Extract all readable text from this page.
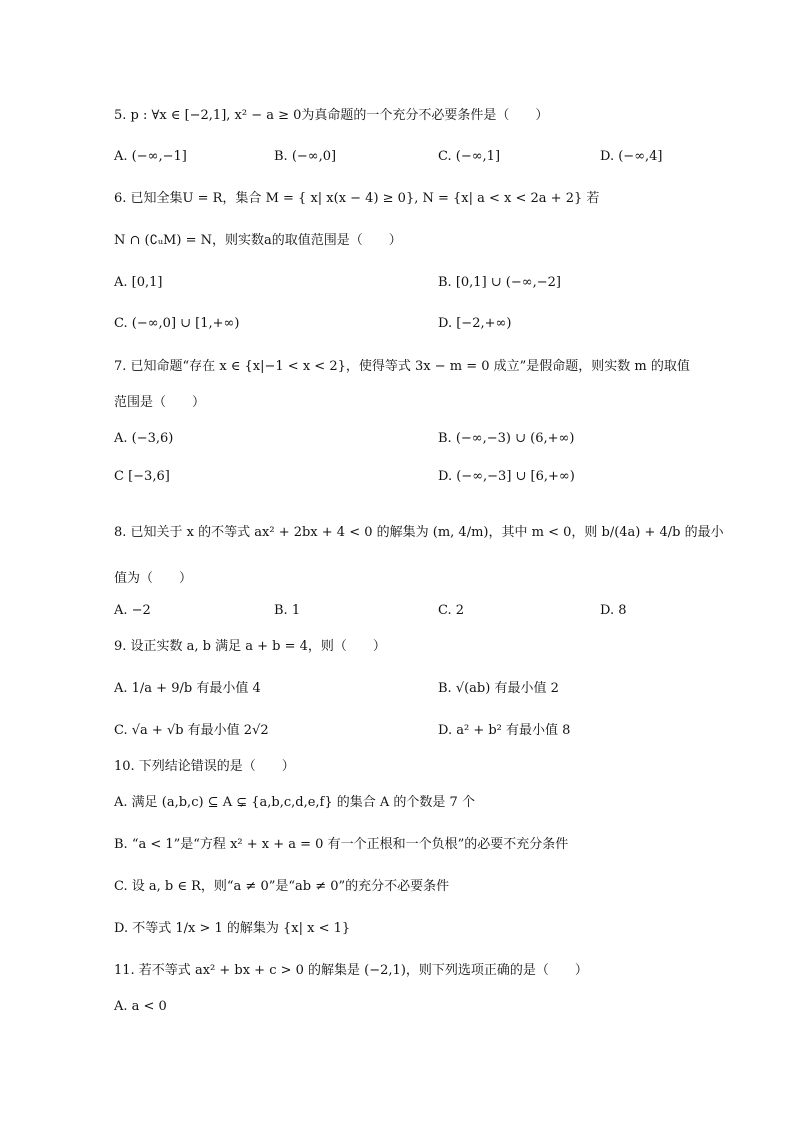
5. p : ∀x ∈ [−2,1], x² − a ≥ 0为真命题的一个充分不必要条件是（　　）
A. (−∞,−1]	B. (−∞,0]	C. (−∞,1]	D. (−∞,4]
6. 已知全集U = R，集合 M = { x| x(x − 4) ≥ 0}, N = {x| a < x < 2a + 2} 若
N ∩ (∁ᵤM) = N，则实数a的取值范围是（　　）
A. [0,1]	B. [0,1] ∪ (−∞,−2]
C. (−∞,0] ∪ [1,+∞)	D. [−2,+∞)
7. 已知命题“存在 x ∈ {x|−1 < x < 2}，使得等式 3x − m = 0 成立”是假命题，则实数 m 的取值
范围是（　　）
A. (−3,6)	B. (−∞,−3) ∪ (6,+∞)
C [−3,6]	D. (−∞,−3] ∪ [6,+∞)
8. 已知关于 x 的不等式 ax² + 2bx + 4 < 0 的解集为 (m, 4/m)，其中 m < 0，则 b/(4a) + 4/b 的最小
值为（　　）
A. −2	B. 1	C. 2	D. 8
9. 设正实数 a, b 满足 a + b = 4，则（　　）
A. 1/a + 9/b 有最小值 4	B. √(ab) 有最小值 2
C. √a + √b 有最小值 2√2	D. a² + b² 有最小值 8
10. 下列结论错误的是（　　）
A. 满足 (a,b,c) ⊆ A ⊊ {a,b,c,d,e,f} 的集合 A 的个数是 7 个
B. “a < 1”是“方程 x² + x + a = 0 有一个正根和一个负根”的必要不充分条件
C. 设 a, b ∈ R，则“a ≠ 0”是“ab ≠ 0”的充分不必要条件
D. 不等式 1/x > 1 的解集为 {x| x < 1}
11. 若不等式 ax² + bx + c > 0 的解集是 (−2,1)，则下列选项正确的是（　　）
A. a < 0
